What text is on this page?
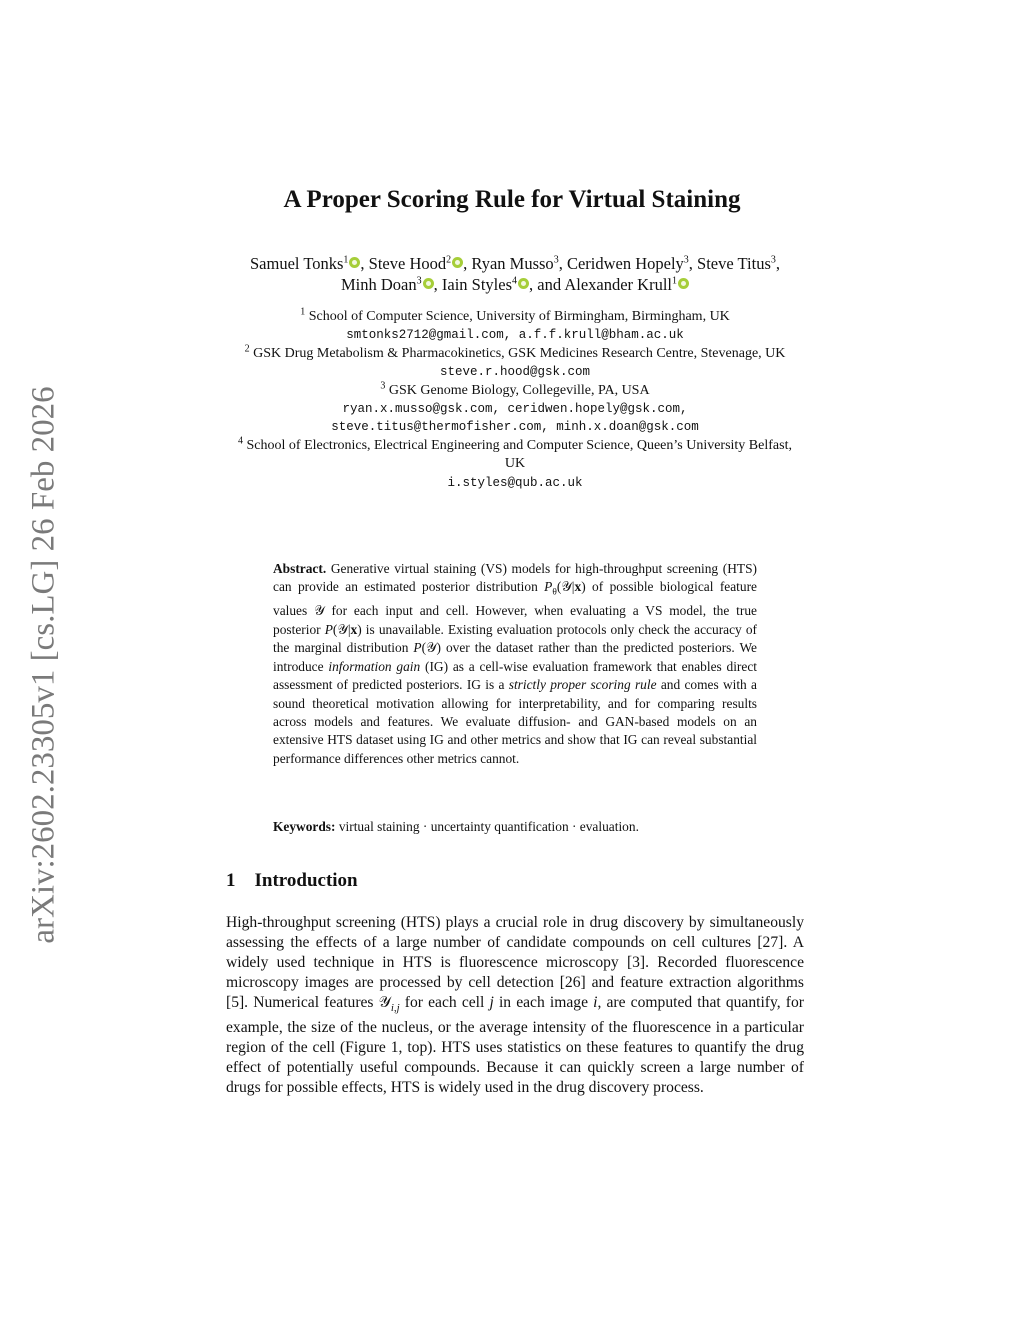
arXiv:2602.23305v1 [cs.LG] 26 Feb 2026
A Proper Scoring Rule for Virtual Staining
Samuel Tonks$^1$ , Steve Hood$^2$ , Ryan Musso$^3$, Ceridwen Hopely$^3$, Steve Titus$^3$, Minh Doan$^3$ , Iain Styles$^4$ , and Alexander Krull$^1$
$^1$ School of Computer Science, University of Birmingham, Birmingham, UK
smtonks2712@gmail.com, a.f.f.krull@bham.ac.uk
$^2$ GSK Drug Metabolism & Pharmacokinetics, GSK Medicines Research Centre, Stevenage, UK
steve.r.hood@gsk.com
$^3$ GSK Genome Biology, Collegeville, PA, USA
ryan.x.musso@gsk.com, ceridwen.hopely@gsk.com,
steve.titus@thermofisher.com, minh.x.doan@gsk.com
$^4$ School of Electronics, Electrical Engineering and Computer Science, Queen’s University Belfast, UK
i.styles@qub.ac.uk
Abstract. Generative virtual staining (VS) models for high-throughput screening (HTS) can provide an estimated posterior distribution $P_\theta(𝒴|x)$ of possible biological feature values 𝒴 for each input and cell. However, when evaluating a VS model, the true posterior P(𝒴|x) is unavailable. Existing evaluation protocols only check the accuracy of the marginal distribution P(𝒴) over the dataset rather than the predicted posteriors. We introduce information gain (IG) as a cell-wise evaluation framework that enables direct assessment of predicted posteriors. IG is a strictly proper scoring rule and comes with a sound theoretical motivation allowing for interpretability, and for comparing results across models and features. We evaluate diffusion- and GAN-based models on an extensive HTS dataset using IG and other metrics and show that IG can reveal substantial performance differences other metrics cannot.
Keywords: virtual staining · uncertainty quantification · evaluation.
1 Introduction
High-throughput screening (HTS) plays a crucial role in drug discovery by simultaneously assessing the effects of a large number of candidate compounds on cell cultures [27]. A widely used technique in HTS is fluorescence microscopy [3]. Recorded fluorescence microscopy images are processed by cell detection [26] and feature extraction algorithms [5]. Numerical features 𝒴$_{i,j}$ for each cell j in each image i, are computed that quantify, for example, the size of the nucleus, or the average intensity of the fluorescence in a particular region of the cell (Figure 1, top). HTS uses statistics on these features to quantify the drug effect of potentially useful compounds. Because it can quickly screen a large number of drugs for possible effects, HTS is widely used in the drug discovery process.
